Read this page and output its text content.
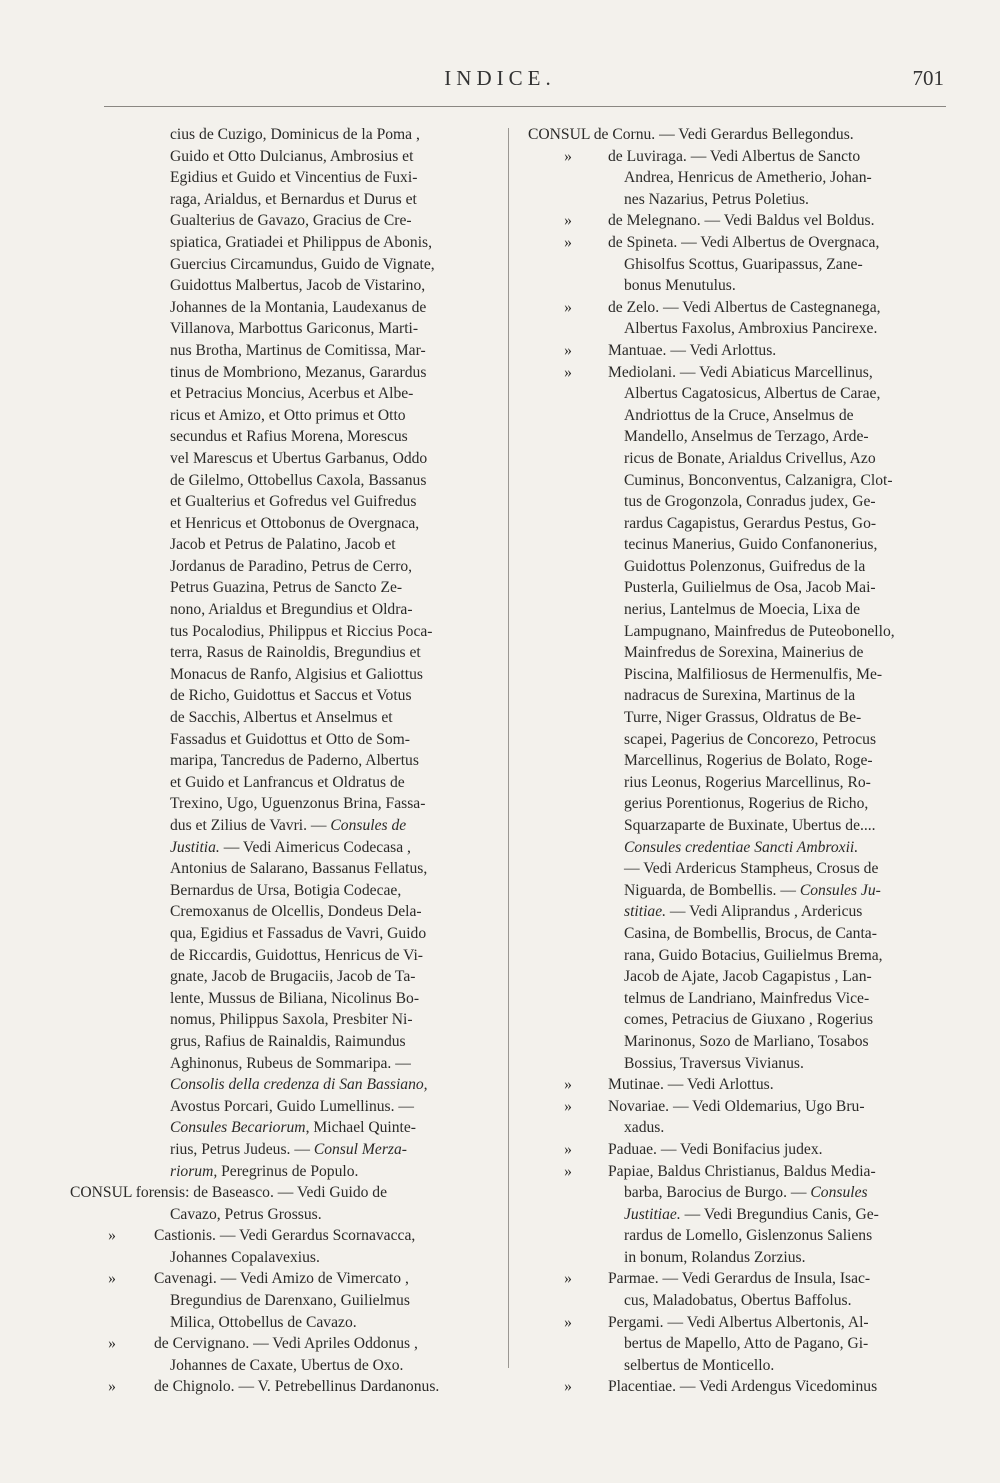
INDICE.	701
cius de Cuzigo, Dominicus de la Poma ,
Guido et Otto Dulcianus, Ambrosius et
Egidius et Guido et Vincentius de Fuxi-
raga, Arialdus, et Bernardus et Durus et
Gualterius de Gavazo, Gracius de Cre-
spiatica, Gratiadei et Philippus de Abonis,
Guercius Circamundus, Guido de Vignate,
Guidottus Malbertus, Jacob de Vistarino,
Johannes de la Montania, Laudexanus de
Villanova, Marbottus Gariconus, Marti-
nus Brotha, Martinus de Comitissa, Mar-
tinus de Mombriono, Mezanus, Garardus
et Petracius Moncius, Acerbus et Albe-
ricus et Amizo, et Otto primus et Otto
secundus et Rafius Morena, Morescus
vel Marescus et Ubertus Garbanus, Oddo
de Gilelmo, Ottobellus Caxola, Bassanus
et Gualterius et Gofredus vel Guifredus
et Henricus et Ottobonus de Overgnaca,
Jacob et Petrus de Palatino, Jacob et
Jordanus de Paradino, Petrus de Cerro,
Petrus Guazina, Petrus de Sancto Ze-
nono, Arialdus et Bregundius et Oldra-
tus Pocalodius, Philippus et Riccius Poca-
terra, Rasus de Rainoldis, Bregundius et
Monacus de Ranfo, Algisius et Galiottus
de Richo, Guidottus et Saccus et Votus
de Sacchis, Albertus et Anselmus et
Fassadus et Guidottus et Otto de Som-
maripa, Tancredus de Paderno, Albertus
et Guido et Lanfrancus et Oldratus de
Trexino, Ugo, Uguenzonus Brina, Fassa-
dus et Zilius de Vavri. — Consules de
Justitia. — Vedi Aimericus Codecasa ,
Antonius de Salarano, Bassanus Fellatus,
Bernardus de Ursa, Botigia Codecae,
Cremoxanus de Olcellis, Dondeus Dela-
qua, Egidius et Fassadus de Vavri, Guido
de Riccardis, Guidottus, Henricus de Vi-
gnate, Jacob de Brugaciis, Jacob de Ta-
lente, Mussus de Biliana, Nicolinus Bo-
nomus, Philippus Saxola, Presbiter Ni-
grus, Rafius de Rainaldis, Raimundus
Aghinonus, Rubeus de Sommaripa. —
Consolis della credenza di San Bassiano,
Avostus Porcari, Guido Lumellinus. —
Consules Becariorum, Michael Quinte-
rius, Petrus Judeus. — Consul Merza-
riorum, Peregrinus de Populo.
CONSUL forensis: de Baseasco. — Vedi Guido de
Cavazo, Petrus Grossus.
» Castionis. — Vedi Gerardus Scornavacca,
Johannes Copalavexius.
» Cavenagi. — Vedi Amizo de Vimercato ,
Bregundius de Darenxano, Guilielmus
Milica, Ottobellus de Cavazo.
» de Cervignano. — Vedi Apriles Oddonus ,
Johannes de Caxate, Ubertus de Oxo.
» de Chignolo. — V. Petrebellinus Dardanonus.
CONSUL de Cornu. — Vedi Gerardus Bellegondus.
» de Luviraga. — Vedi Albertus de Sancto
Andrea, Henricus de Ametherio, Johan-
nes Nazarius, Petrus Poletius.
» de Melegnano. — Vedi Baldus vel Boldus.
» de Spineta. — Vedi Albertus de Overgnaca,
Ghisolfus Scottus, Guaripassus, Zane-
bonus Menutulus.
» de Zelo. — Vedi Albertus de Castegnanega,
Albertus Faxolus, Ambroxius Pancirexe.
» Mantuae. — Vedi Arlottus.
» Mediolani. — Vedi Abiaticus Marcellinus,
Albertus Cagatosicus, Albertus de Carae,
Andriottus de la Cruce, Anselmus de
Mandello, Anselmus de Terzago, Arde-
ricus de Bonate, Arialdus Crivellus, Azo
Cuminus, Bonconventus, Calzanigra, Clot-
tus de Grogonzola, Conradus judex, Ge-
rardus Cagapistus, Gerardus Pestus, Go-
tecinus Manerius, Guido Confanonerius,
Guidottus Polenzonus, Guifredus de la
Pusterla, Guilielmus de Osa, Jacob Mai-
nerius, Lantelmus de Moecia, Lixa de
Lampugnano, Mainfredus de Puteobonello,
Mainfredus de Sorexina, Mainerius de
Piscina, Malfiliosus de Hermenulfis, Me-
nadracus de Surexina, Martinus de la
Turre, Niger Grassus, Oldratus de Be-
scapei, Pagerius de Concorezo, Petrocus
Marcellinus, Rogerius de Bolato, Roge-
rius Leonus, Rogerius Marcellinus, Ro-
gerius Porentionus, Rogerius de Richo,
Squarzaparte de Buxinate, Ubertus de....
Consules credentiae Sancti Ambroxii.
— Vedi Ardericus Stampheus, Crosus de
Niguarda, de Bombellis. — Consules Ju-
stitiae. — Vedi Aliprandus , Ardericus
Casina, de Bombellis, Brocus, de Canta-
rana, Guido Botacius, Guilielmus Brema,
Jacob de Ajate, Jacob Cagapistus , Lan-
telmus de Landriano, Mainfredus Vice-
comes, Petracius de Giuxano , Rogerius
Marinonus, Sozo de Marliano, Tosabos
Bossius, Traversus Vivianus.
» Mutinae. — Vedi Arlottus.
» Novariae. — Vedi Oldemarius, Ugo Bru-
xadus.
» Paduae. — Vedi Bonifacius judex.
» Papiae, Baldus Christianus, Baldus Media-
barba, Barocius de Burgo. — Consules
Justitiae. — Vedi Bregundius Canis, Ge-
rardus de Lomello, Gislenzonus Saliens
in bonum, Rolandus Zorzius.
» Parmae. — Vedi Gerardus de Insula, Isac-
cus, Maladobatus, Obertus Baffolus.
» Pergami. — Vedi Albertus Albertonis, Al-
bertus de Mapello, Atto de Pagano, Gi-
selbertus de Monticello.
» Placentiae. — Vedi Ardengus Vicedominus
